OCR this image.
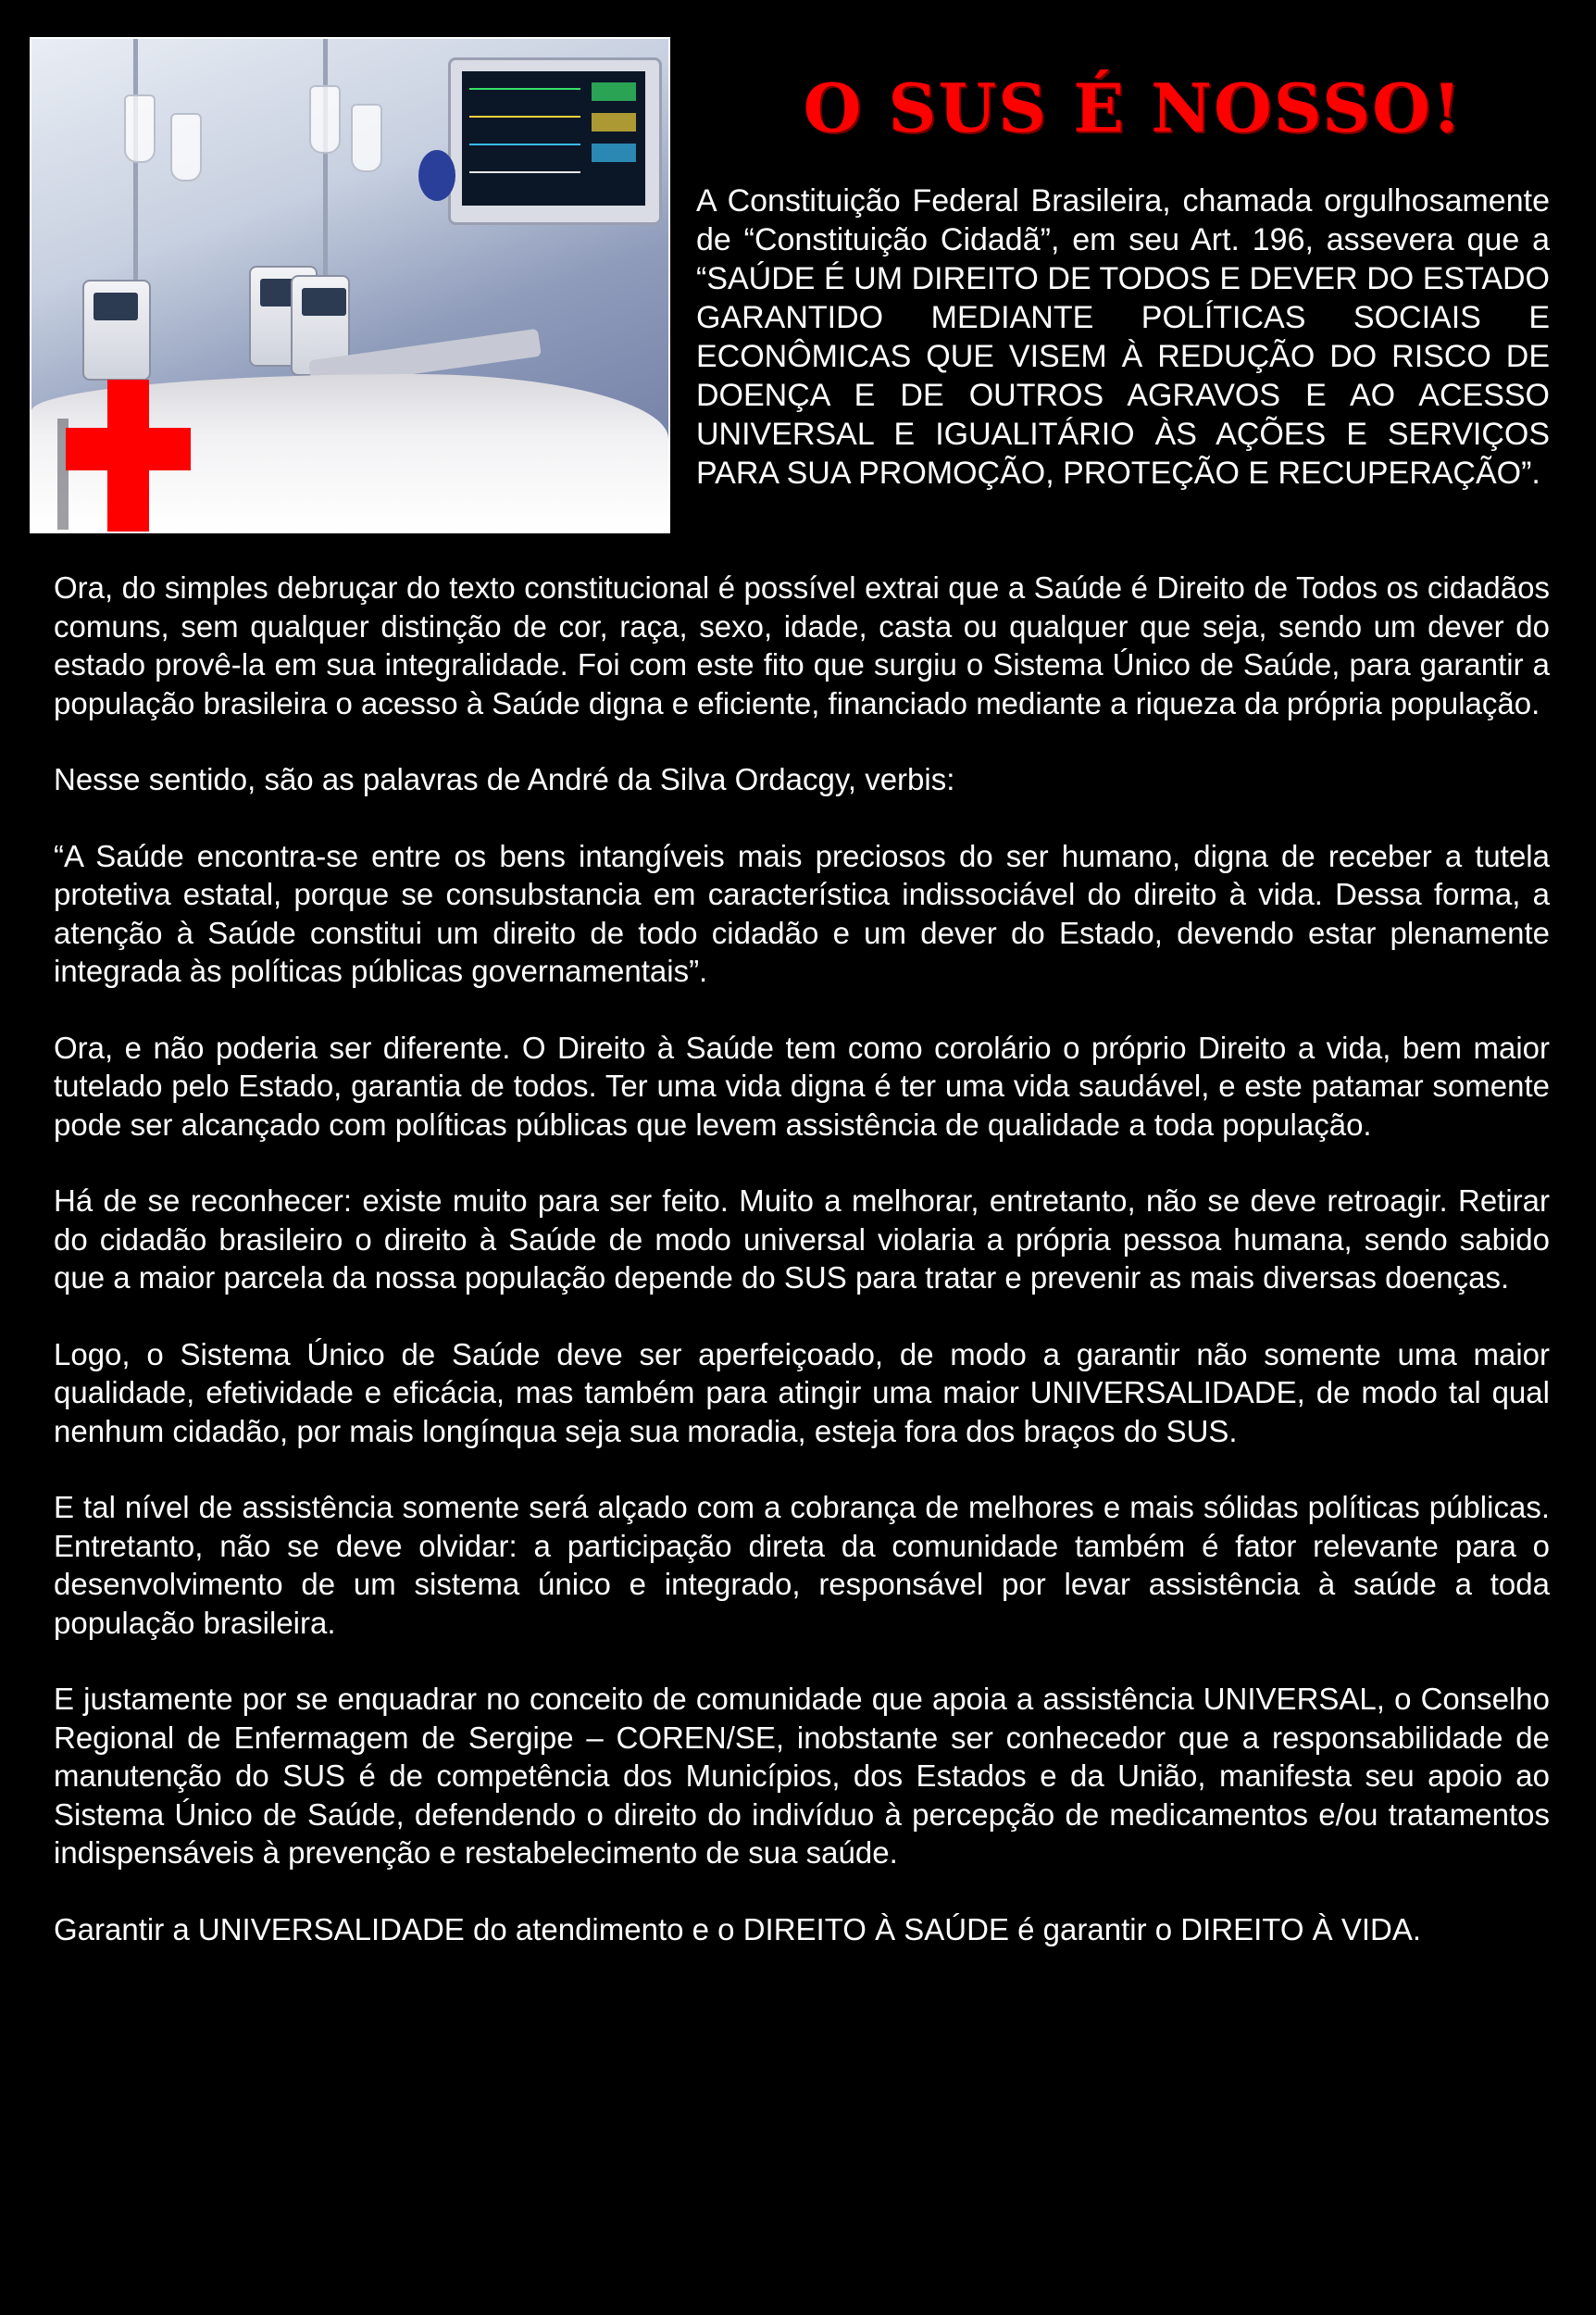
O SUS É NOSSO!

A Constituição Federal Brasileira, chamada orgulhosamente de “Constituição Cidadã”, em seu Art. 196, assevera que a “SAÚDE É UM DIREITO DE TODOS E DEVER DO ESTADO GARANTIDO MEDIANTE POLÍTICAS SOCIAIS E ECONÔMICAS QUE VISEM À REDUÇÃO DO RISCO DE DOENÇA E DE OUTROS AGRAVOS E AO ACESSO UNIVERSAL E IGUALITÁRIO ÀS AÇÕES E SERVIÇOS PARA SUA PROMOÇÃO, PROTEÇÃO E RECUPERAÇÃO”.

Ora, do simples debruçar do texto constitucional é possível extrai que a Saúde é Direito de Todos os cidadãos comuns, sem qualquer distinção de cor, raça, sexo, idade, casta ou qualquer que seja, sendo um dever do estado provê-la em sua integralidade. Foi com este fito que surgiu o Sistema Único de Saúde, para garantir a população brasileira o acesso à Saúde digna e eficiente, financiado mediante a riqueza da própria população.

Nesse sentido, são as palavras de André da Silva Ordacgy, verbis:

“A Saúde encontra-se entre os bens intangíveis mais preciosos do ser humano, digna de receber a tutela protetiva estatal, porque se consubstancia em característica indissociável do direito à vida. Dessa forma, a atenção à Saúde constitui um direito de todo cidadão e um dever do Estado, devendo estar plenamente integrada às políticas públicas governamentais”.

Ora, e não poderia ser diferente. O Direito à Saúde tem como corolário o próprio Direito a vida, bem maior tutelado pelo Estado, garantia de todos. Ter uma vida digna é ter uma vida saudável, e este patamar somente pode ser alcançado com políticas públicas que levem assistência de qualidade a toda população.

Há de se reconhecer: existe muito para ser feito. Muito a melhorar, entretanto, não se deve retroagir. Retirar do cidadão brasileiro o direito à Saúde de modo universal violaria a própria pessoa humana, sendo sabido que a maior parcela da nossa população depende do SUS para tratar e prevenir as mais diversas doenças.

Logo, o Sistema Único de Saúde deve ser aperfeiçoado, de modo a garantir não somente uma maior qualidade, efetividade e eficácia, mas também para atingir uma maior UNIVERSALIDADE, de modo tal qual nenhum cidadão, por mais longínqua seja sua moradia, esteja fora dos braços do SUS.

E tal nível de assistência somente será alçado com a cobrança de melhores e mais sólidas políticas públicas. Entretanto, não se deve olvidar: a participação direta da comunidade também é fator relevante para o desenvolvimento de um sistema único e integrado, responsável por levar assistência à saúde a toda população brasileira.

E justamente por se enquadrar no conceito de comunidade que apoia a assistência UNIVERSAL, o Conselho Regional de Enfermagem de Sergipe – COREN/SE, inobstante ser conhecedor que a responsabilidade de manutenção do SUS é de competência dos Municípios, dos Estados e da União, manifesta seu apoio ao Sistema Único de Saúde, defendendo o direito do indivíduo à percepção de medicamentos e/ou tratamentos indispensáveis à prevenção e restabelecimento de sua saúde.

Garantir a UNIVERSALIDADE do atendimento e o DIREITO À SAÚDE é garantir o DIREITO À VIDA.
